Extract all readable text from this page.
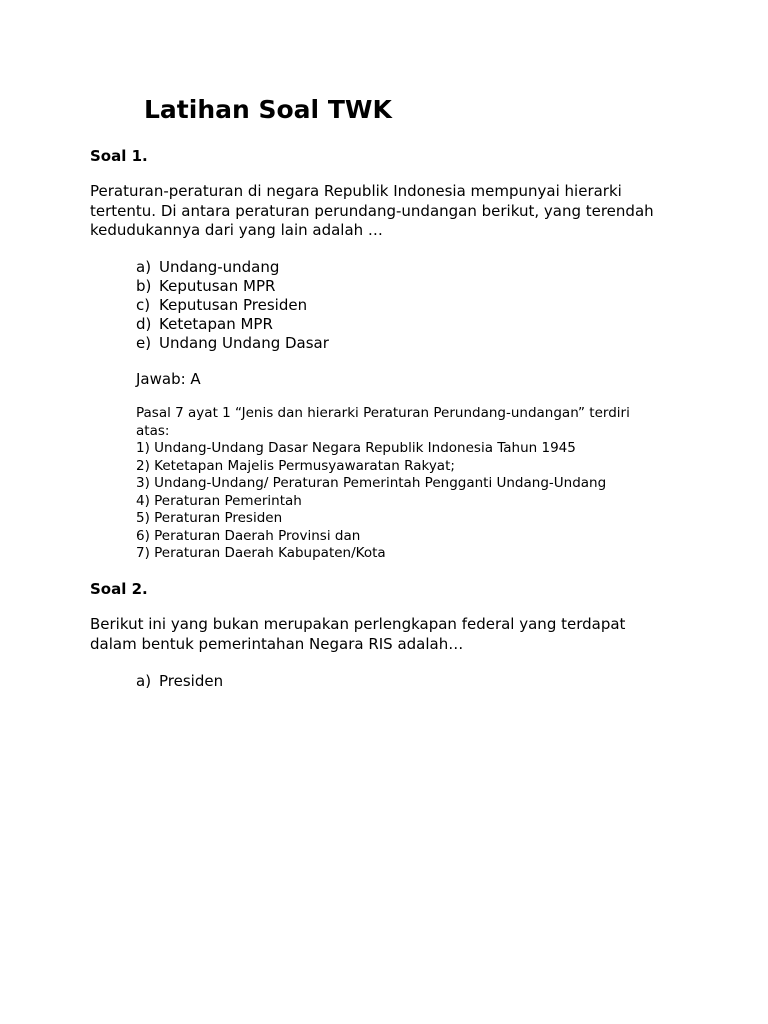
Latihan Soal TWK

Soal 1.

Peraturan-peraturan di negara Republik Indonesia mempunyai hierarki
tertentu. Di antara peraturan perundang-undangan berikut, yang terendah
kedudukannya dari yang lain adalah …

a) Undang-undang
b) Keputusan MPR
c) Keputusan Presiden
d) Ketetapan MPR
e) Undang Undang Dasar

Jawab: A

Pasal 7 ayat 1 “Jenis dan hierarki Peraturan Perundang-undangan” terdiri
atas:
1) Undang-Undang Dasar Negara Republik Indonesia Tahun 1945
2) Ketetapan Majelis Permusyawaratan Rakyat;
3) Undang-Undang/ Peraturan Pemerintah Pengganti Undang-Undang
4) Peraturan Pemerintah
5) Peraturan Presiden
6) Peraturan Daerah Provinsi dan
7) Peraturan Daerah Kabupaten/Kota

Soal 2.

Berikut ini yang bukan merupakan perlengkapan federal yang terdapat
dalam bentuk pemerintahan Negara RIS adalah…

a) Presiden
